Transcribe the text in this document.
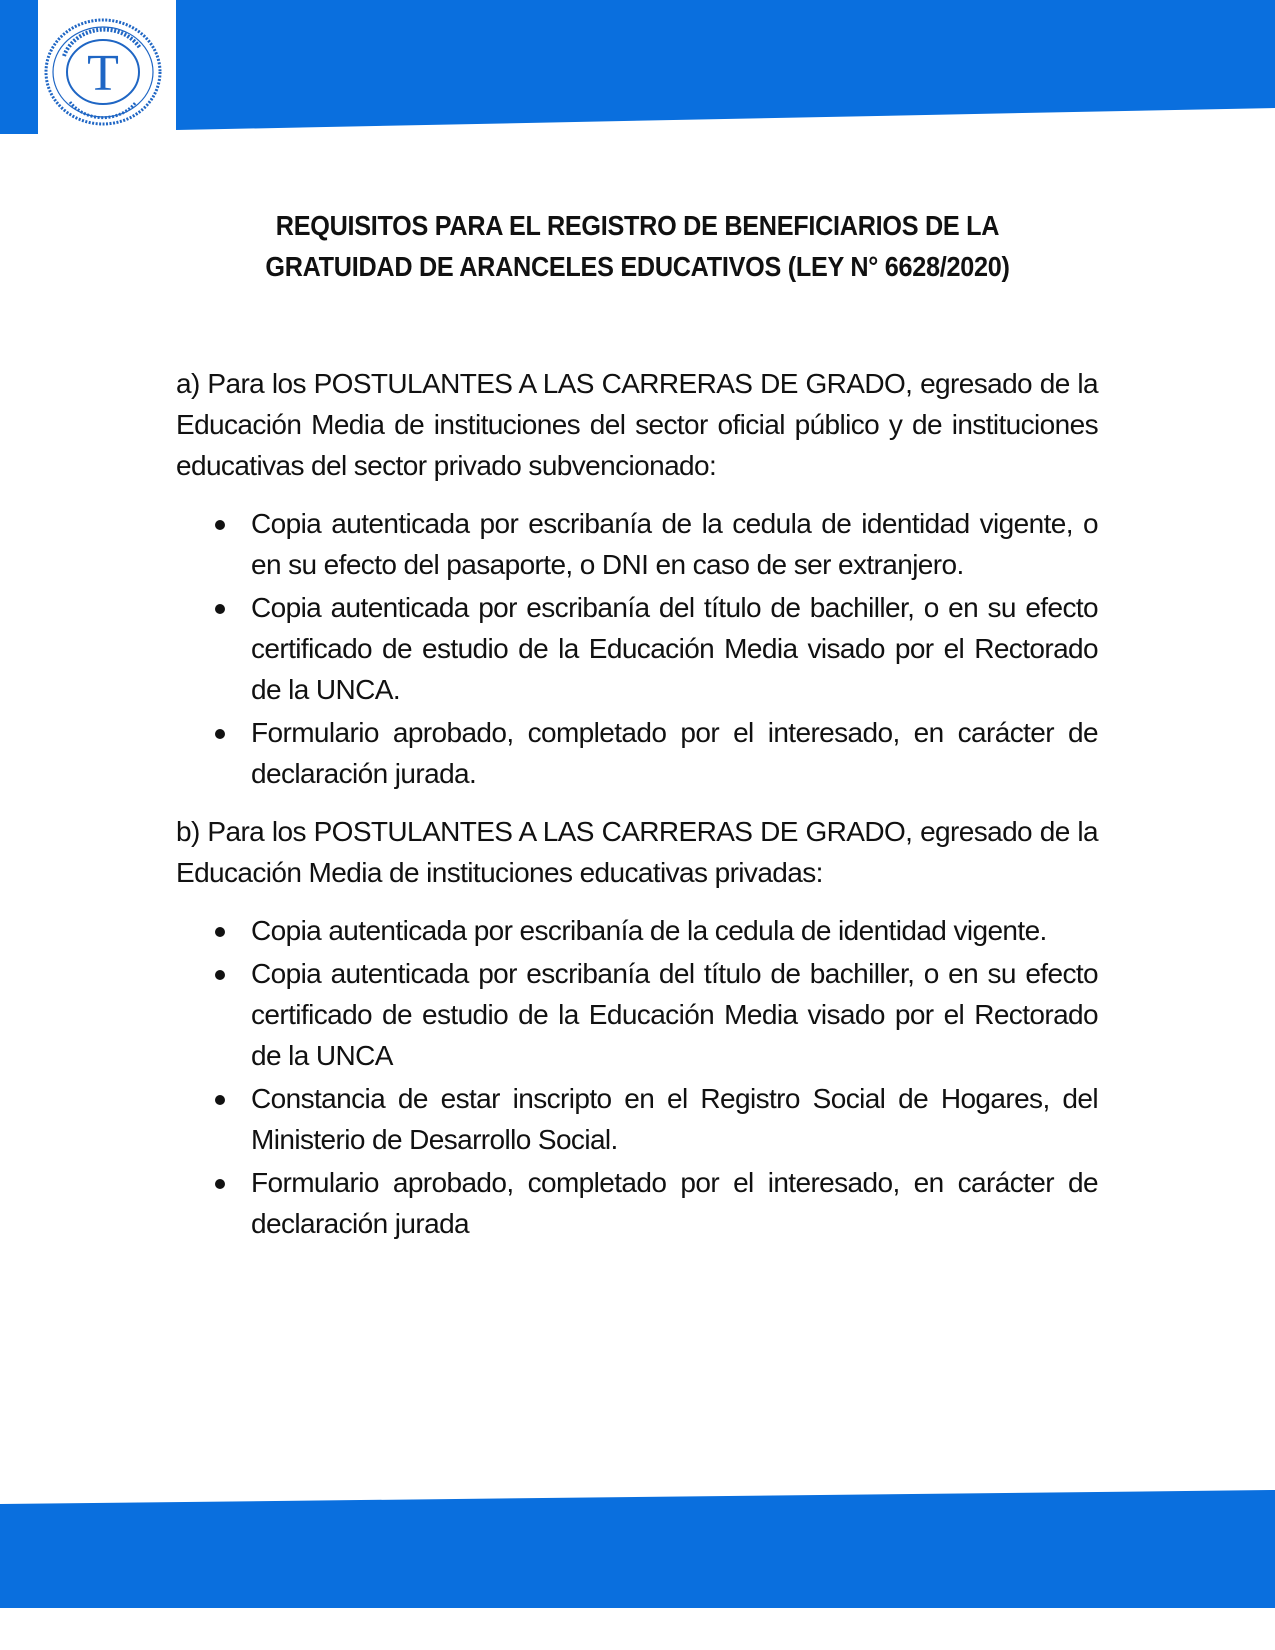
T
REQUISITOS PARA EL REGISTRO DE BENEFICIARIOS DE LA
GRATUIDAD DE ARANCELES EDUCATIVOS (LEY N° 6628/2020)

a) Para los POSTULANTES A LAS CARRERAS DE GRADO, egresado de la Educación Media de instituciones del sector oficial público y de instituciones educativas del sector privado subvencionado:

Copia autenticada por escribanía de la cedula de identidad vigente, o en su efecto del pasaporte, o DNI en caso de ser extranjero.
Copia autenticada por escribanía del título de bachiller, o en su efecto certificado de estudio de la Educación Media visado por el Rectorado de la UNCA.
Formulario aprobado, completado por el interesado, en carácter de declaración jurada.

b) Para los POSTULANTES A LAS CARRERAS DE GRADO, egresado de la Educación Media de instituciones educativas privadas:

Copia autenticada por escribanía de la cedula de identidad vigente.
Copia autenticada por escribanía del título de bachiller, o en su efecto certificado de estudio de la Educación Media visado por el Rectorado de la UNCA
Constancia de estar inscripto en el Registro Social de Hogares, del Ministerio de Desarrollo Social.
Formulario aprobado, completado por el interesado, en carácter de declaración jurada
